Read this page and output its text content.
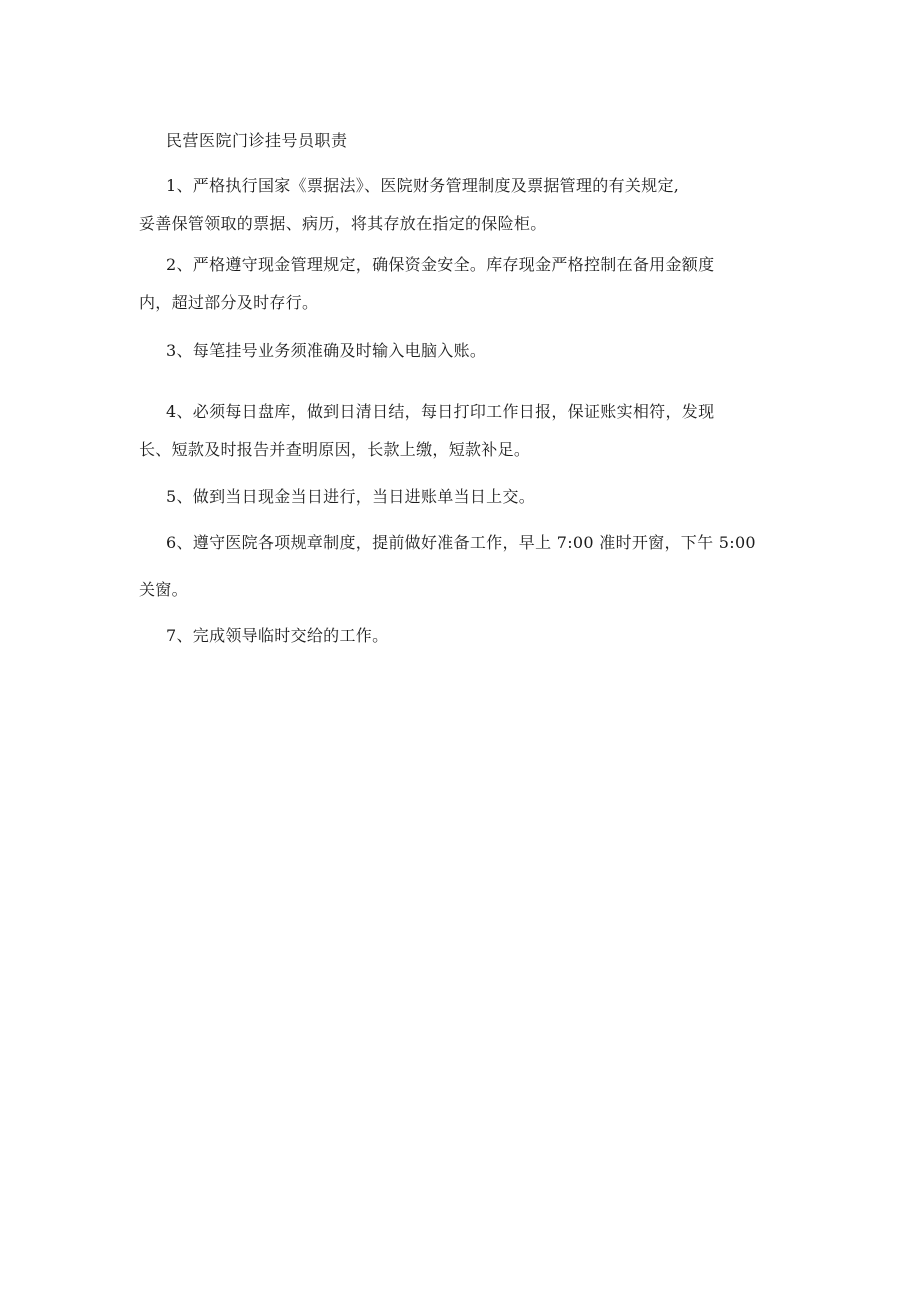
民营医院门诊挂号员职责
1、严格执行国家《票据法》、医院财务管理制度及票据管理的有关规定,
妥善保管领取的票据、病历，将其存放在指定的保险柜。
2、严格遵守现金管理规定，确保资金安全。库存现金严格控制在备用金额度
内，超过部分及时存行。
3、每笔挂号业务须准确及时输入电脑入账。
4、必须每日盘库，做到日清日结，每日打印工作日报，保证账实相符，发现
长、短款及时报告并查明原因，长款上缴，短款补足。
5、做到当日现金当日进行，当日进账单当日上交。
6、遵守医院各项规章制度，提前做好准备工作，早上 7:00 准时开窗，下午 5:00
关窗。
7、完成领导临时交给的工作。
